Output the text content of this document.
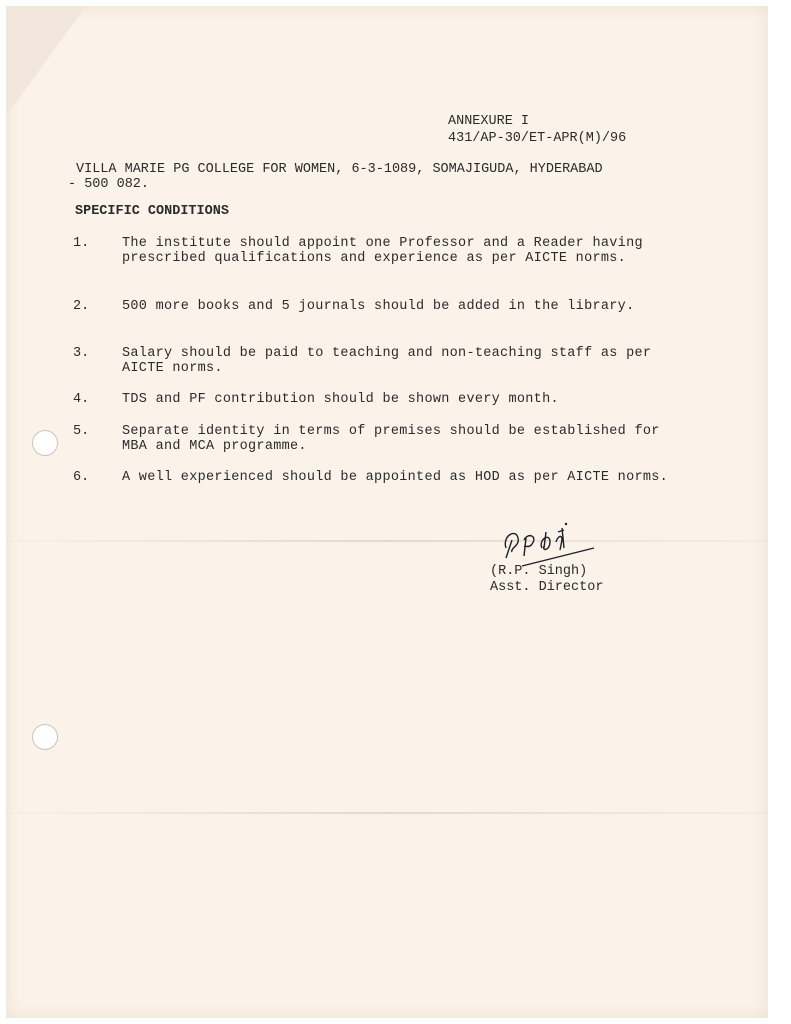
ANNEXURE I
431/AP-30/ET-APR(M)/96
VILLA MARIE PG COLLEGE FOR WOMEN, 6-3-1089, SOMAJIGUDA, HYDERABAD
- 500 082.
SPECIFIC CONDITIONS
1. The institute should appoint one Professor and a Reader having prescribed qualifications and experience as per AICTE norms.
2. 500 more books and 5 journals should be added in the library.
3. Salary should be paid to teaching and non-teaching staff as per AICTE norms.
4. TDS and PF contribution should be shown every month.
5. Separate identity in terms of premises should be established for MBA and MCA programme.
6. A well experienced should be appointed as HOD as per AICTE norms.
(R.P. Singh)
Asst. Director
